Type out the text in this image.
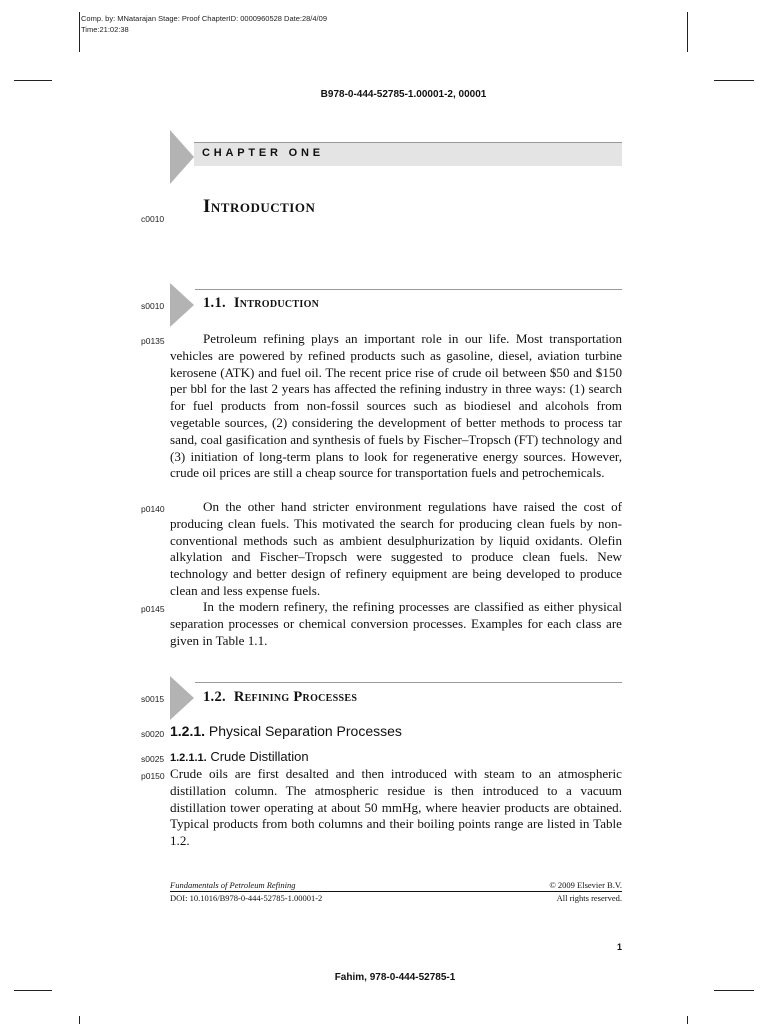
Comp. by: MNatarajan Stage: Proof ChapterID: 0000960528 Date:28/4/09
Time:21:02:38
B978-0-444-52785-1.00001-2, 00001
CHAPTER ONE
c0010
Introduction
s0010	1.1. Introduction
p0135	Petroleum refining plays an important role in our life. Most transportation vehicles are powered by refined products such as gasoline, diesel, aviation turbine kerosene (ATK) and fuel oil. The recent price rise of crude oil between $50 and $150 per bbl for the last 2 years has affected the refining industry in three ways: (1) search for fuel products from non-fossil sources such as biodiesel and alcohols from vegetable sources, (2) considering the development of better methods to process tar sand, coal gasification and synthesis of fuels by Fischer–Tropsch (FT) technology and (3) initiation of long-term plans to look for regenerative energy sources. However, crude oil prices are still a cheap source for transportation fuels and petrochemicals.
p0140	On the other hand stricter environment regulations have raised the cost of producing clean fuels. This motivated the search for producing clean fuels by non-conventional methods such as ambient desulphurization by liquid oxidants. Olefin alkylation and Fischer–Tropsch were suggested to produce clean fuels. New technology and better design of refinery equipment are being developed to produce clean and less expense fuels.
p0145	In the modern refinery, the refining processes are classified as either physical separation processes or chemical conversion processes. Examples for each class are given in Table 1.1.
s0015	1.2. Refining Processes
s0020 1.2.1. Physical Separation Processes
s0025 1.2.1.1. Crude Distillation
p0150 Crude oils are first desalted and then introduced with steam to an atmospheric distillation column. The atmospheric residue is then introduced to a vacuum distillation tower operating at about 50 mmHg, where heavier products are obtained. Typical products from both columns and their boiling points range are listed in Table 1.2.
Fundamentals of Petroleum Refining	© 2009 Elsevier B.V.
DOI: 10.1016/B978-0-444-52785-1.00001-2	All rights reserved.
1
Fahim, 978-0-444-52785-1
